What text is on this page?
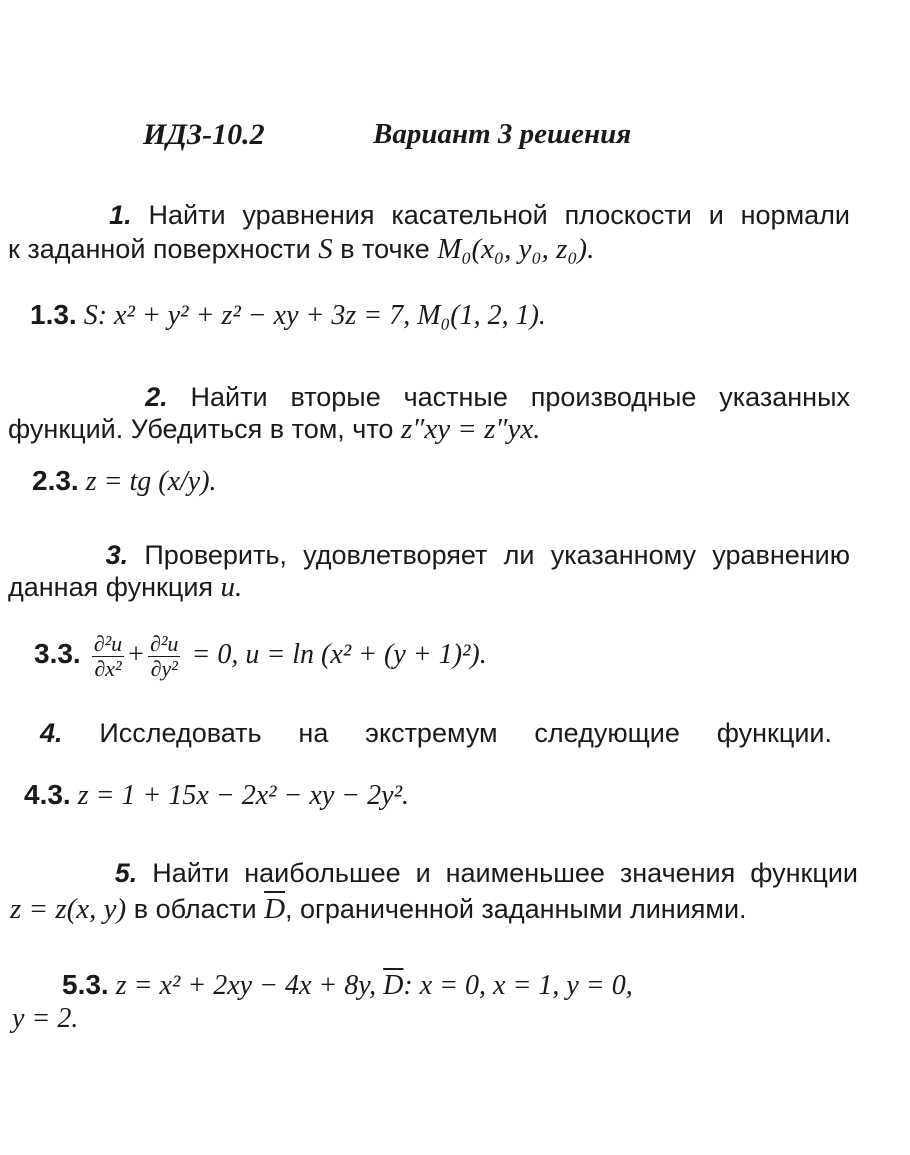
ИДЗ-10.2	Вариант 3 решения
1. Найти уравнения касательной плоскости и нормали
к заданной поверхности S в точке M₀(x₀, y₀, z₀).
1.3. S: x² + y² + z² − xy + 3z = 7, M₀(1, 2, 1).
2. Найти вторые частные производные указанных
функций. Убедиться в том, что z″xy = z″yx.
2.3. z = tg (x/y).
3. Проверить, удовлетворяет ли указанному уравнению
данная функция u.
3.3. $\frac{\text{∂²u}}{\text{∂x²}} + \frac{\text{∂²u}}{\text{∂y²}} = 0$, u = ln (x² + (y + 1)²).
4. Исследовать на экстремум следующие функции.
4.3. z = 1 + 15x − 2x² − xy − 2y².
5. Найти наибольшее и наименьшее значения функции
z = z(x, y) в области $\overline{D}$, ограниченной заданными линиями.
5.3. z = x² + 2xy − 4x + 8y, $\overline{D}$: x = 0, x = 1, y = 0,
y = 2.
